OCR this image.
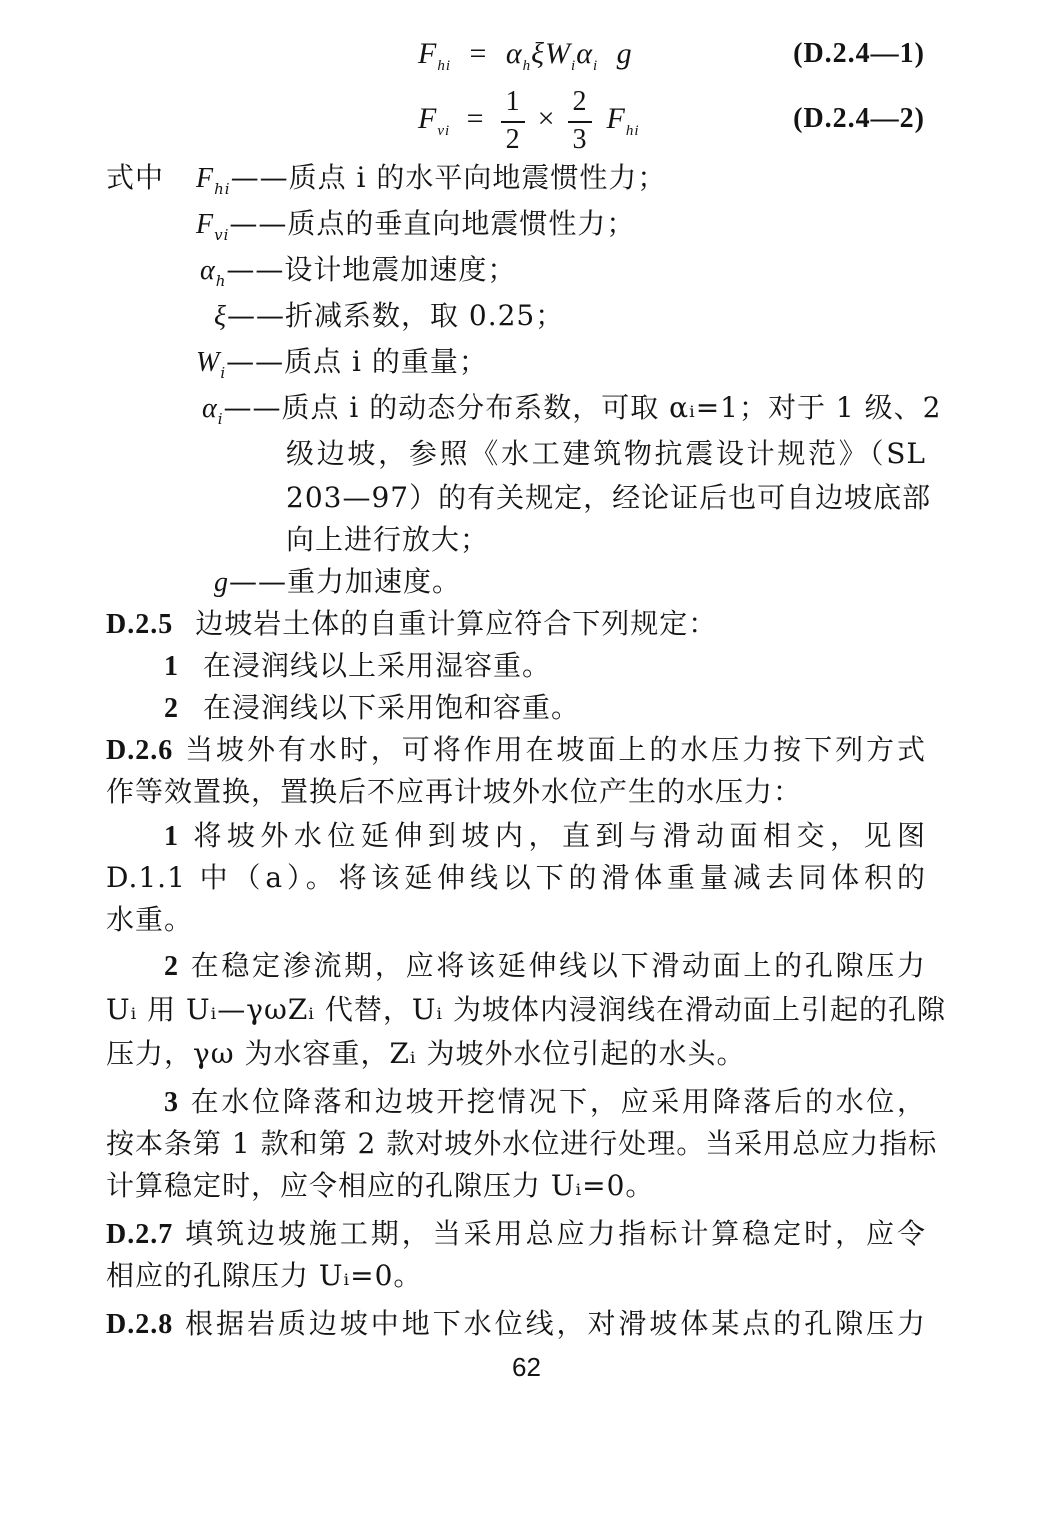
$F_{hi} = \alpha_h\xi W_i\alpha_i$ g	(D.2.4—1)
$F_{vi} = \frac{1}{2} \times \frac{2}{3} F_{hi}$	(D.2.4—2)
式中 $F_{hi}——$质点 i 的水平向地震惯性力；
$F_{vi}——$质点的垂直向地震惯性力；
$\alpha_h——$设计地震加速度；
ξ——折减系数，取 0.25；
$W_i——$质点 i 的重量；
$\alpha_i——$质点 i 的动态分布系数，可取 αᵢ=1；对于 1 级、2
级边坡，参照《水工建筑物抗震设计规范》（SL
203—97）的有关规定，经论证后也可自边坡底部
向上进行放大；
g——重力加速度。
D.2.5 边坡岩土体的自重计算应符合下列规定：
1 在浸润线以上采用湿容重。
2 在浸润线以下采用饱和容重。
D.2.6 当坡外有水时，可将作用在坡面上的水压力按下列方式
作等效置换，置换后不应再计坡外水位产生的水压力：
1 将坡外水位延伸到坡内，直到与滑动面相交，见图
D.1.1 中（a）。将该延伸线以下的滑体重量减去同体积的
水重。
2 在稳定渗流期，应将该延伸线以下滑动面上的孔隙压力
Uᵢ 用 Uᵢ—γωZᵢ 代替，Uᵢ 为坡体内浸润线在滑动面上引起的孔隙
压力，γω 为水容重，Zᵢ 为坡外水位引起的水头。
3 在水位降落和边坡开挖情况下，应采用降落后的水位，
按本条第 1 款和第 2 款对坡外水位进行处理。当采用总应力指标
计算稳定时，应令相应的孔隙压力 Uᵢ=0。
D.2.7 填筑边坡施工期，当采用总应力指标计算稳定时，应令
相应的孔隙压力 Uᵢ=0。
D.2.8 根据岩质边坡中地下水位线，对滑坡体某点的孔隙压力
62
